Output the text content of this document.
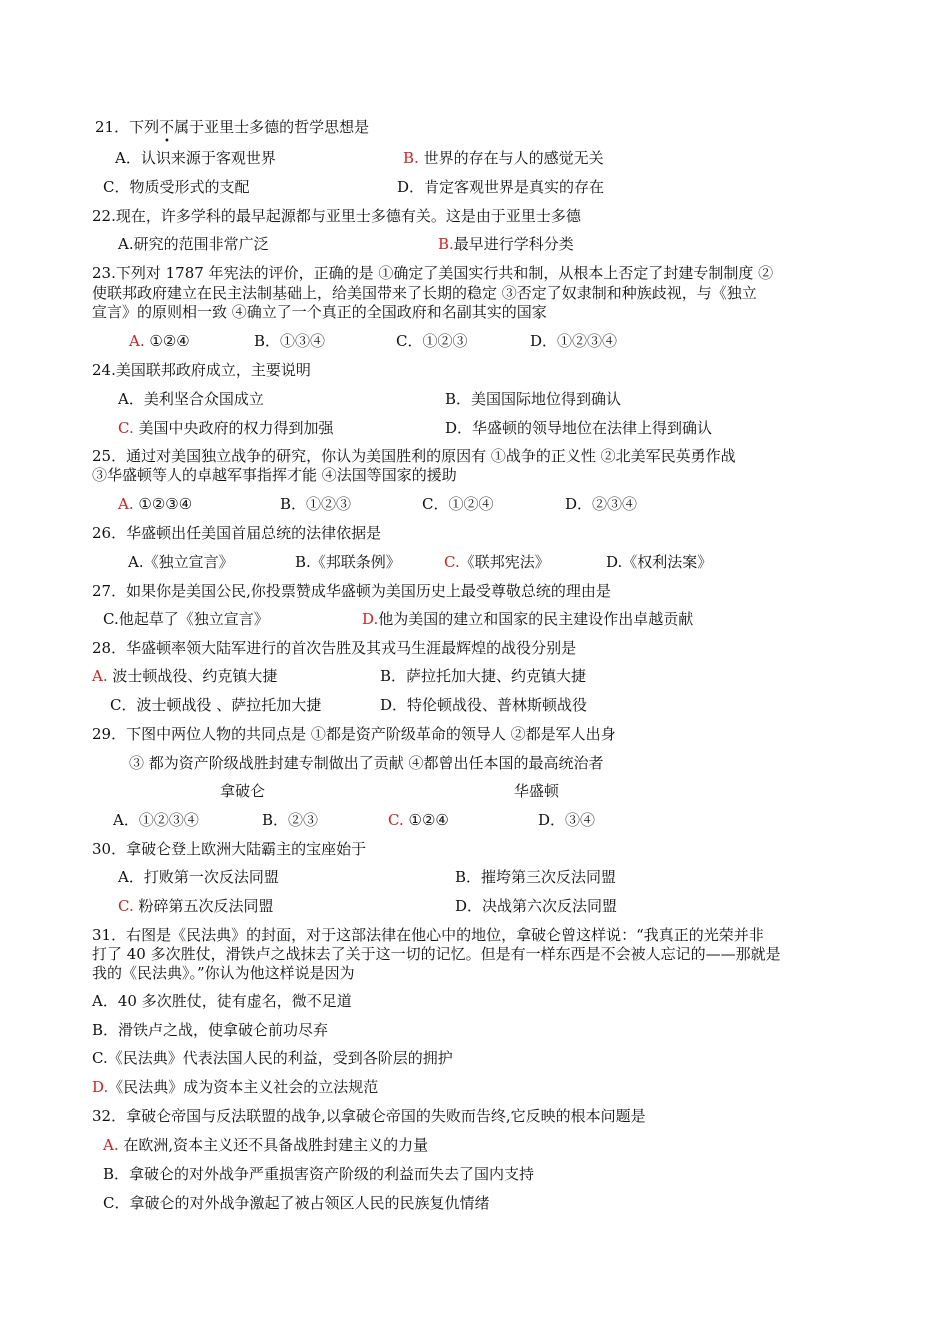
21．下列不属于亚里士多德的哲学思想是
•
A．认识来源于客观世界	B. 世界的存在与人的感觉无关
C．物质受形式的支配	D．肯定客观世界是真实的存在
22.现在，许多学科的最早起源都与亚里士多德有关。这是由于亚里士多德
A.研究的范围非常广泛	B.最早进行学科分类
23.下列对 1787 年宪法的评价，正确的是 ①确定了美国实行共和制，从根本上否定了封建专制制度 ②
使联邦政府建立在民主法制基础上，给美国带来了长期的稳定 ③否定了奴隶制和种族歧视，与《独立
宣言》的原则相一致 ④确立了一个真正的全国政府和名副其实的国家
A. ①②④	B．①③④	C．①②③	D．①②③④
24.美国联邦政府成立，主要说明
A．美利坚合众国成立	B．美国国际地位得到确认
C. 美国中央政府的权力得到加强	D．华盛顿的领导地位在法律上得到确认
25．通过对美国独立战争的研究，你认为美国胜利的原因有 ①战争的正义性 ②北美军民英勇作战
③华盛顿等人的卓越军事指挥才能 ④法国等国家的援助
A. ①②③④	B．①②③	C．①②④	D．②③④
26．华盛顿出任美国首届总统的法律依据是
A.《独立宣言》	B.《邦联条例》	C.《联邦宪法》	D.《权利法案》
27．如果你是美国公民,你投票赞成华盛顿为美国历史上最受尊敬总统的理由是
C.他起草了《独立宣言》	D.他为美国的建立和国家的民主建设作出卓越贡献
28．华盛顿率领大陆军进行的首次告胜及其戎马生涯最辉煌的战役分别是
A. 波士顿战役、约克镇大捷	B．萨拉托加大捷、约克镇大捷
C．波士顿战役 、萨拉托加大捷	D．特伦顿战役、普林斯顿战役
29．下图中两位人物的共同点是 ①都是资产阶级革命的领导人 ②都是军人出身
③ 都为资产阶级战胜封建专制做出了贡献 ④都曾出任本国的最高统治者
拿破仑	华盛顿
A．①②③④	B．②③	C. ①②④	D．③④
30．拿破仑登上欧洲大陆霸主的宝座始于
A．打败第一次反法同盟	B．摧垮第三次反法同盟
C. 粉碎第五次反法同盟	D．决战第六次反法同盟
31．右图是《民法典》的封面，对于这部法律在他心中的地位，拿破仑曾这样说：“我真正的光荣并非
打了 40 多次胜仗，滑铁卢之战抹去了关于这一切的记忆。但是有一样东西是不会被人忘记的——那就是
我的《民法典》。”你认为他这样说是因为
A．40 多次胜仗，徒有虚名，微不足道
B．滑铁卢之战，使拿破仑前功尽弃
C.《民法典》代表法国人民的利益，受到各阶层的拥护
D.《民法典》成为资本主义社会的立法规范
32．拿破仑帝国与反法联盟的战争,以拿破仑帝国的失败而告终,它反映的根本问题是
A. 在欧洲,资本主义还不具备战胜封建主义的力量
B．拿破仑的对外战争严重损害资产阶级的利益而失去了国内支持
C．拿破仑的对外战争激起了被占领区人民的民族复仇情绪
